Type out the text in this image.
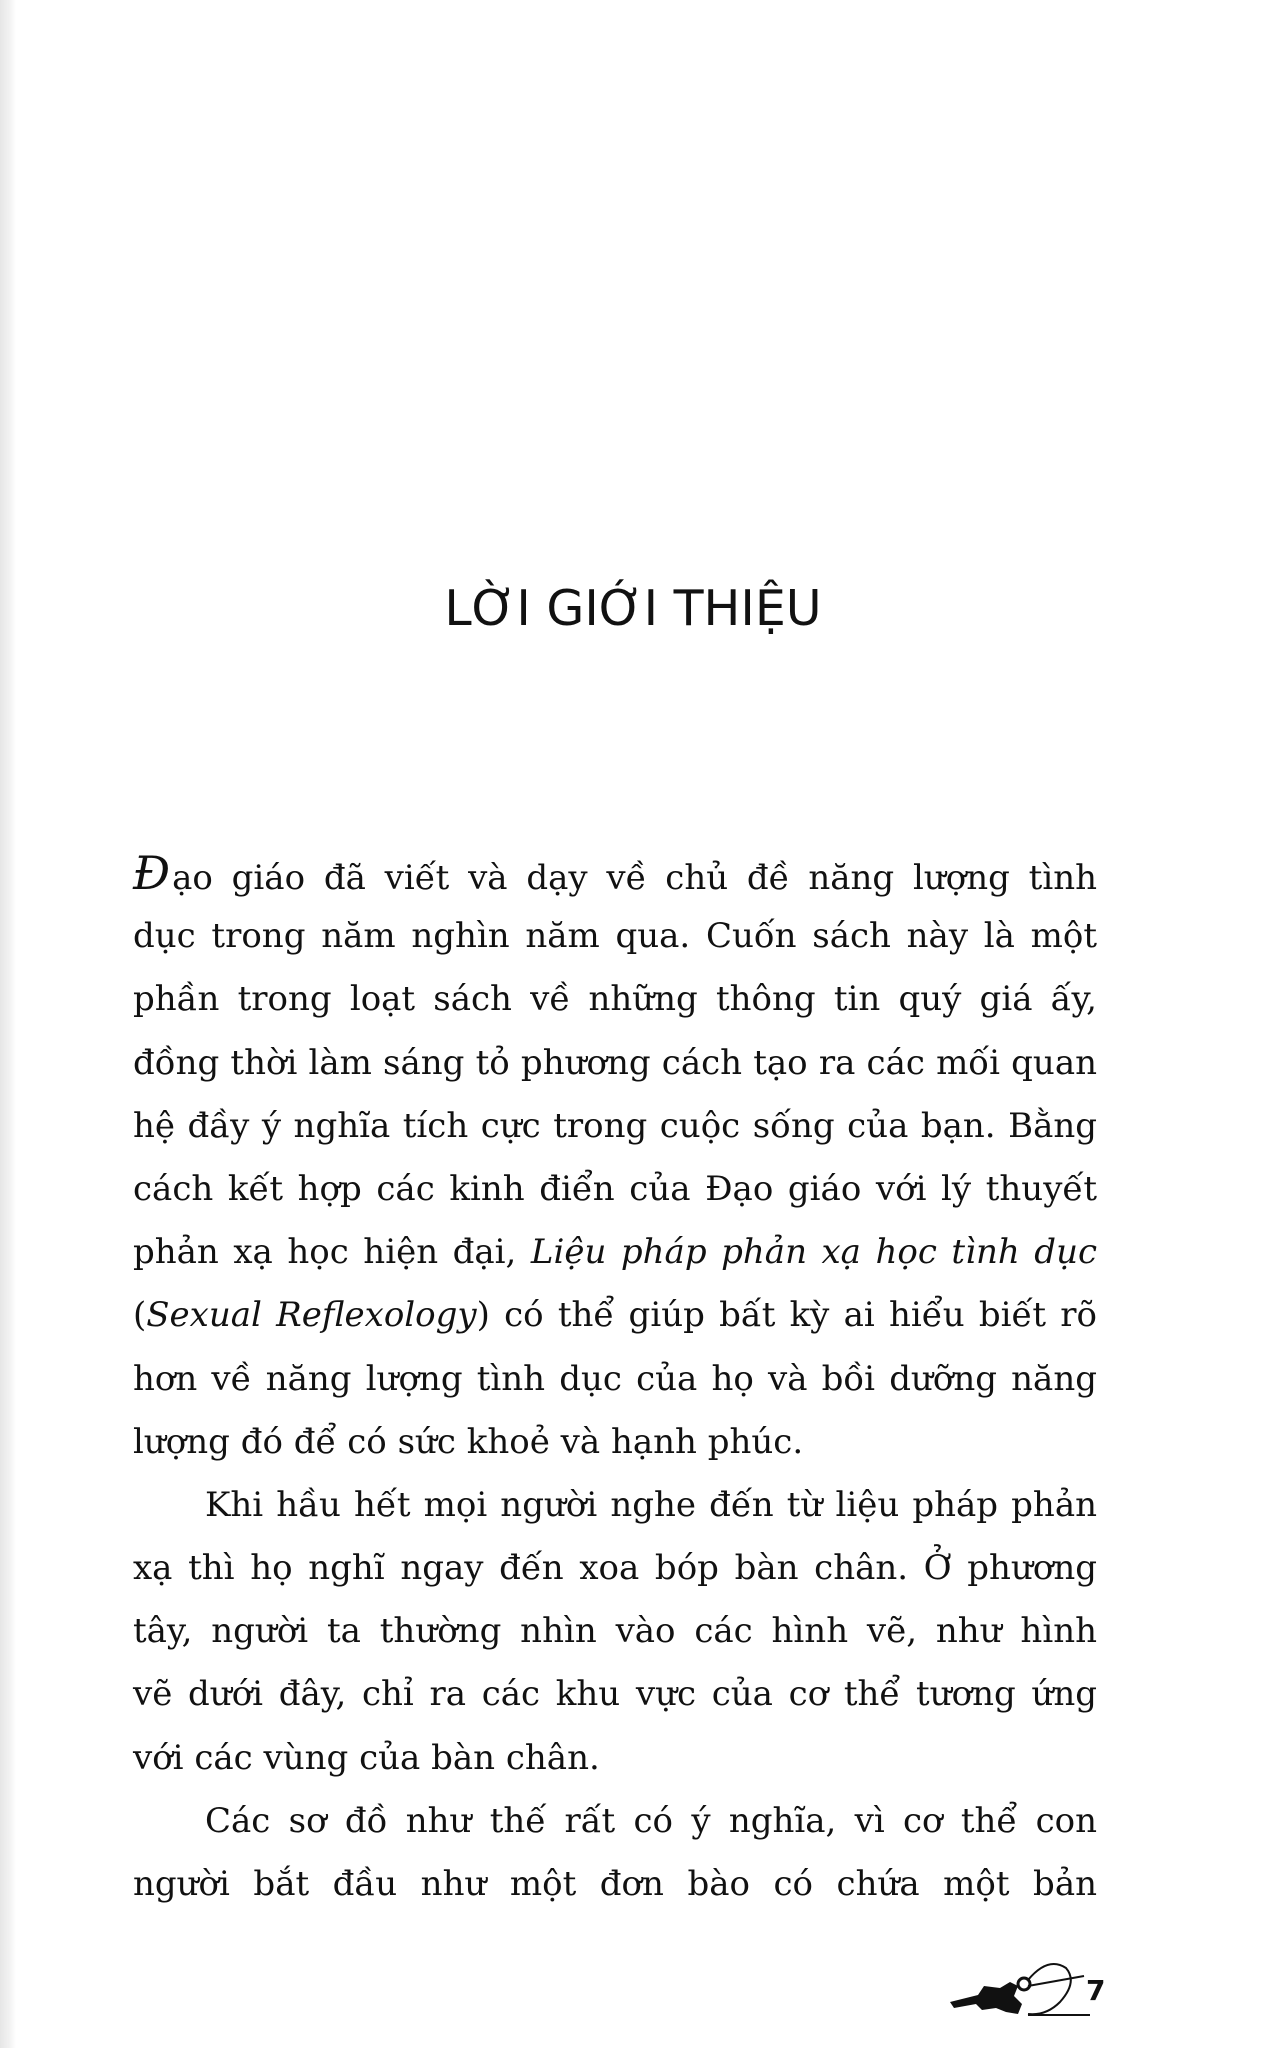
LỜI GIỚI THIỆU
Đạo giáo đã viết và dạy về chủ đề năng lượng tình
dục trong năm nghìn năm qua. Cuốn sách này là một
phần trong loạt sách về những thông tin quý giá ấy,
đồng thời làm sáng tỏ phương cách tạo ra các mối quan
hệ đầy ý nghĩa tích cực trong cuộc sống của bạn. Bằng
cách kết hợp các kinh điển của Đạo giáo với lý thuyết
phản xạ học hiện đại, Liệu pháp phản xạ học tình dục
(Sexual Reflexology) có thể giúp bất kỳ ai hiểu biết rõ
hơn về năng lượng tình dục của họ và bồi dưỡng năng
lượng đó để có sức khoẻ và hạnh phúc.
Khi hầu hết mọi người nghe đến từ liệu pháp phản
xạ thì họ nghĩ ngay đến xoa bóp bàn chân. Ở phương
tây, người ta thường nhìn vào các hình vẽ, như hình
vẽ dưới đây, chỉ ra các khu vực của cơ thể tương ứng
với các vùng của bàn chân.
Các sơ đồ như thế rất có ý nghĩa, vì cơ thể con
người bắt đầu như một đơn bào có chứa một bản
7
